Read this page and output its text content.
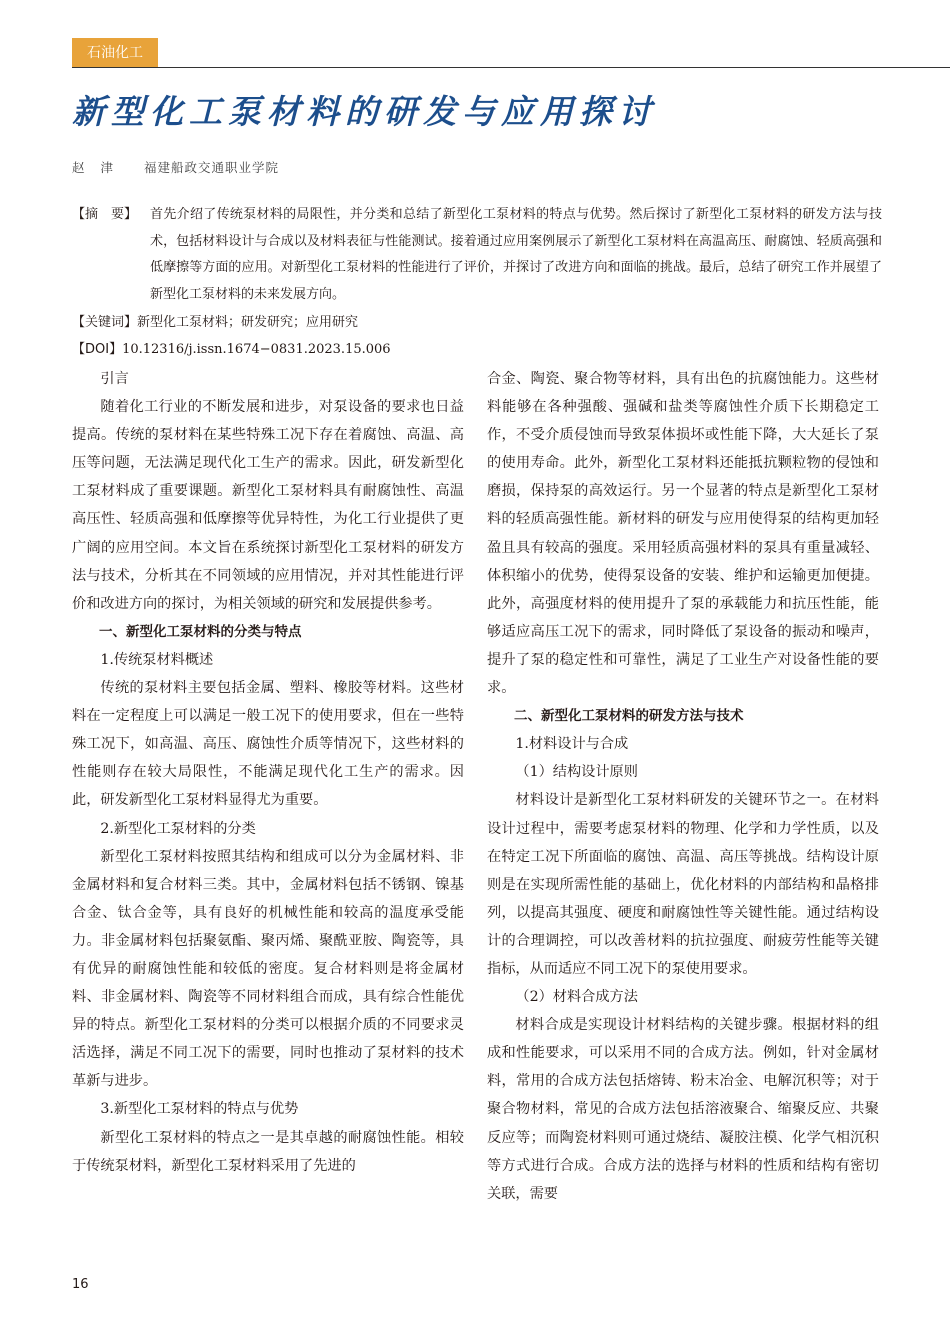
石油化工
新型化工泵材料的研发与应用探讨
赵 津 福建船政交通职业学院
【摘　要】 首先介绍了传统泵材料的局限性，并分类和总结了新型化工泵材料的特点与优势。然后探讨了新型化工泵材料的研发方法与技术，包括材料设计与合成以及材料表征与性能测试。接着通过应用案例展示了新型化工泵材料在高温高压、耐腐蚀、轻质高强和低摩擦等方面的应用。对新型化工泵材料的性能进行了评价，并探讨了改进方向和面临的挑战。最后，总结了研究工作并展望了新型化工泵材料的未来发展方向。
【关键词】 新型化工泵材料；研发研究；应用研究
【DOI】 10.12316/j.issn.1674−0831.2023.15.006

引言

随着化工行业的不断发展和进步，对泵设备的要求也日益提高。传统的泵材料在某些特殊工况下存在着腐蚀、高温、高压等问题，无法满足现代化工生产的需求。因此，研发新型化工泵材料成了重要课题。新型化工泵材料具有耐腐蚀性、高温高压性、轻质高强和低摩擦等优异特性，为化工行业提供了更广阔的应用空间。本文旨在系统探讨新型化工泵材料的研发方法与技术，分析其在不同领域的应用情况，并对其性能进行评价和改进方向的探讨，为相关领域的研究和发展提供参考。

一、新型化工泵材料的分类与特点

1.传统泵材料概述

传统的泵材料主要包括金属、塑料、橡胶等材料。这些材料在一定程度上可以满足一般工况下的使用要求，但在一些特殊工况下，如高温、高压、腐蚀性介质等情况下，这些材料的性能则存在较大局限性，不能满足现代化工生产的需求。因此，研发新型化工泵材料显得尤为重要。

2.新型化工泵材料的分类

新型化工泵材料按照其结构和组成可以分为金属材料、非金属材料和复合材料三类。其中，金属材料包括不锈钢、镍基合金、钛合金等，具有良好的机械性能和较高的温度承受能力。非金属材料包括聚氨酯、聚丙烯、聚酰亚胺、陶瓷等，具有优异的耐腐蚀性能和较低的密度。复合材料则是将金属材料、非金属材料、陶瓷等不同材料组合而成，具有综合性能优异的特点。新型化工泵材料的分类可以根据介质的不同要求灵活选择，满足不同工况下的需要，同时也推动了泵材料的技术革新与进步。

3.新型化工泵材料的特点与优势

新型化工泵材料的特点之一是其卓越的耐腐蚀性能。相较于传统泵材料，新型化工泵材料采用了先进的

合金、陶瓷、聚合物等材料，具有出色的抗腐蚀能力。这些材料能够在各种强酸、强碱和盐类等腐蚀性介质下长期稳定工作，不受介质侵蚀而导致泵体损坏或性能下降，大大延长了泵的使用寿命。此外，新型化工泵材料还能抵抗颗粒物的侵蚀和磨损，保持泵的高效运行。另一个显著的特点是新型化工泵材料的轻质高强性能。新材料的研发与应用使得泵的结构更加轻盈且具有较高的强度。采用轻质高强材料的泵具有重量减轻、体积缩小的优势，使得泵设备的安装、维护和运输更加便捷。此外，高强度材料的使用提升了泵的承载能力和抗压性能，能够适应高压工况下的需求，同时降低了泵设备的振动和噪声，提升了泵的稳定性和可靠性，满足了工业生产对设备性能的要求。

二、新型化工泵材料的研发方法与技术

1.材料设计与合成

（1）结构设计原则

材料设计是新型化工泵材料研发的关键环节之一。在材料设计过程中，需要考虑泵材料的物理、化学和力学性质，以及在特定工况下所面临的腐蚀、高温、高压等挑战。结构设计原则是在实现所需性能的基础上，优化材料的内部结构和晶格排列，以提高其强度、硬度和耐腐蚀性等关键性能。通过结构设计的合理调控，可以改善材料的抗拉强度、耐疲劳性能等关键指标，从而适应不同工况下的泵使用要求。

（2）材料合成方法

材料合成是实现设计材料结构的关键步骤。根据材料的组成和性能要求，可以采用不同的合成方法。例如，针对金属材料，常用的合成方法包括熔铸、粉末冶金、电解沉积等；对于聚合物材料，常见的合成方法包括溶液聚合、缩聚反应、共聚反应等；而陶瓷材料则可通过烧结、凝胶注模、化学气相沉积等方式进行合成。合成方法的选择与材料的性质和结构有密切关联，需要

16
